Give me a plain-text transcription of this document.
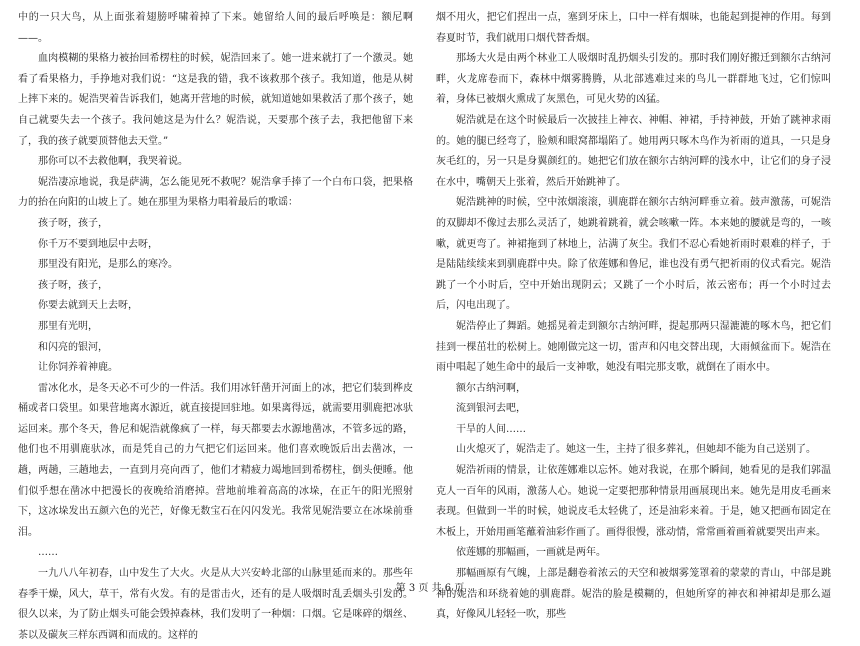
中的一只大鸟，从上面张着翅膀呼啸着掉了下来。她留给人间的最后呼唤是：额尼啊——。

血肉模糊的果格力被抬回希楞柱的时候，妮浩回来了。她一进来就打了一个激灵。她看了看果格力，手挣地对我们说：“这是我的错，我不该救那个孩子。我知道，他是从树上摔下来的。妮浩哭着告诉我们，她离开营地的时候，就知道她如果救活了那个孩子，她自己就要失去一个孩子。我问她这是为什么？妮浩说，天要那个孩子去，我把他留下来了，我的孩子就要顶替他去天堂。”

那你可以不去救他啊，我哭着说。

妮浩凄凉地说，我是萨满，怎么能见死不救呢？妮浩拿手捧了一个白布口袋，把果格力的抬在向阳的山坡上了。她在那里为果格力唱着最后的歌谣：

孩子呀，孩子，
你千万不要到地层中去呀，
那里没有阳光，是那么的寒冷。
孩子呀，孩子，
你要去就到天上去呀，
那里有光明，
和闪亮的银河，
让你饲养着神鹿。

雷冰化水，是冬天必不可少的一件活。我们用冰钎凿开河面上的冰，把它们装到桦皮桶或者口袋里。如果营地离水源近，就直接提回驻地。如果离得远，就需要用驯鹿把冰驮运回来。那个冬天，鲁尼和妮浩就像疯了一样，每天都要去水源地凿冰，不管多远的路，他们也不用驯鹿驮冰，而是凭自己的力气把它们运回来。他们喜欢晚饭后出去凿冰，一趟，两趟，三趟地去，一直到月亮向西了，他们才精疲力竭地回到希楞柱，倒头便睡。他们似乎想在凿冰中把漫长的夜晚给消磨掉。营地前堆着高高的冰垛，在正午的阳光照射下，这冰垛发出五颜六色的光芒，好像无数宝石在闪闪发光。我常见妮浩要立在冰垛前垂泪。

……

一九八八年初春，山中发生了大火。火是从大兴安岭北部的山脉里延而来的。那些年春季干燥，风大，草干，常有火发。有的是雷击火，还有的是人吸烟时乱丢烟头引发的。很久以来，为了防止烟头可能会毁掉森林，我们发明了一种烟：口烟。它是咪碎的烟丝、茶以及碳灰三样东西调和而成的。这样的

烟不用火，把它们捏出一点，塞到牙床上，口中一样有烟味，也能起到提神的作用。每到春夏时节，我们就用口烟代替香烟。

那场大火是由两个林业工人吸烟时乱扔烟头引发的。那时我们刚好搬迁到额尔古纳河畔，火龙席卷而下，森林中烟雾腾腾，从北部逃难过来的鸟儿一群群地飞过，它们惊叫着，身体已被烟火熏成了灰黑色，可见火势的凶猛。

妮浩就是在这个时候最后一次披挂上神衣、神帽、神裙，手持神鼓，开始了跳神求雨的。她的腿已经弯了，脸颊和眼窝都塌陷了。她用两只啄木鸟作为祈雨的道具，一只是身灰毛红的，另一只是身翼颜红的。她把它们放在额尔古纳河畔的浅水中，让它们的身子浸在水中，嘴朝天上张着，然后开始跳神了。

妮浩跳神的时候，空中浓烟滚滚，驯鹿群在额尔古纳河畔垂立着。鼓声激荡，可妮浩的双脚却不像过去那么灵活了，她跳着跳着，就会咳嗽一阵。本来她的腰就是弯的，一咳嗽，就更弯了。神裙拖到了林地上，沾满了灰尘。我们不忍心看她祈雨时艰难的样子，于是陆陆续续来到驯鹿群中央。除了依莲娜和鲁尼，谁也没有勇气把祈雨的仪式看完。妮浩跳了一个小时后，空中开始出现阴云；又跳了一个小时后，浓云密布；再一个小时过去后，闪电出现了。

妮浩停止了舞蹈。她摇晃着走到额尔古纳河畔，提起那两只湿漉漉的啄木鸟，把它们挂到一棵茁壮的松树上。她刚做完这一切，雷声和闪电交替出现，大雨倾盆而下。妮浩在雨中唱起了她生命中的最后一支神歌，她没有唱完那支歌，就倒在了雨水中。

额尔古纳河啊，
流到银河去吧，
干旱的人间……

山火熄灭了，妮浩走了。她这一生，主持了很多葬礼，但她却不能为自己送别了。

妮浩祈雨的情景，让依莲娜难以忘怀。她对我说，在那个瞬间，她看见的是我们郭温克人一百年的风雨，激荡人心。她说一定要把那种情景用画展现出来。她先是用皮毛画来表现。但做到一半的时候，她说皮毛太轻佻了，还是油彩来着。于是，她又把画布固定在木板上，开始用画笔蘸着油彩作画了。画得很慢，涨动情，常常画着画着就要哭出声来。

依莲娜的那幅画，一画就是两年。

那幅画原有气魄，上部是翻卷着浓云的天空和被烟雾笼罩着的蒙蒙的青山，中部是跳神的妮浩和环绕着她的驯鹿群。妮浩的脸是模糊的，但她所穿的神衣和神裙却是那么逼真，好像风儿轻轻一吹，那些

第 3 页 共 6 页
